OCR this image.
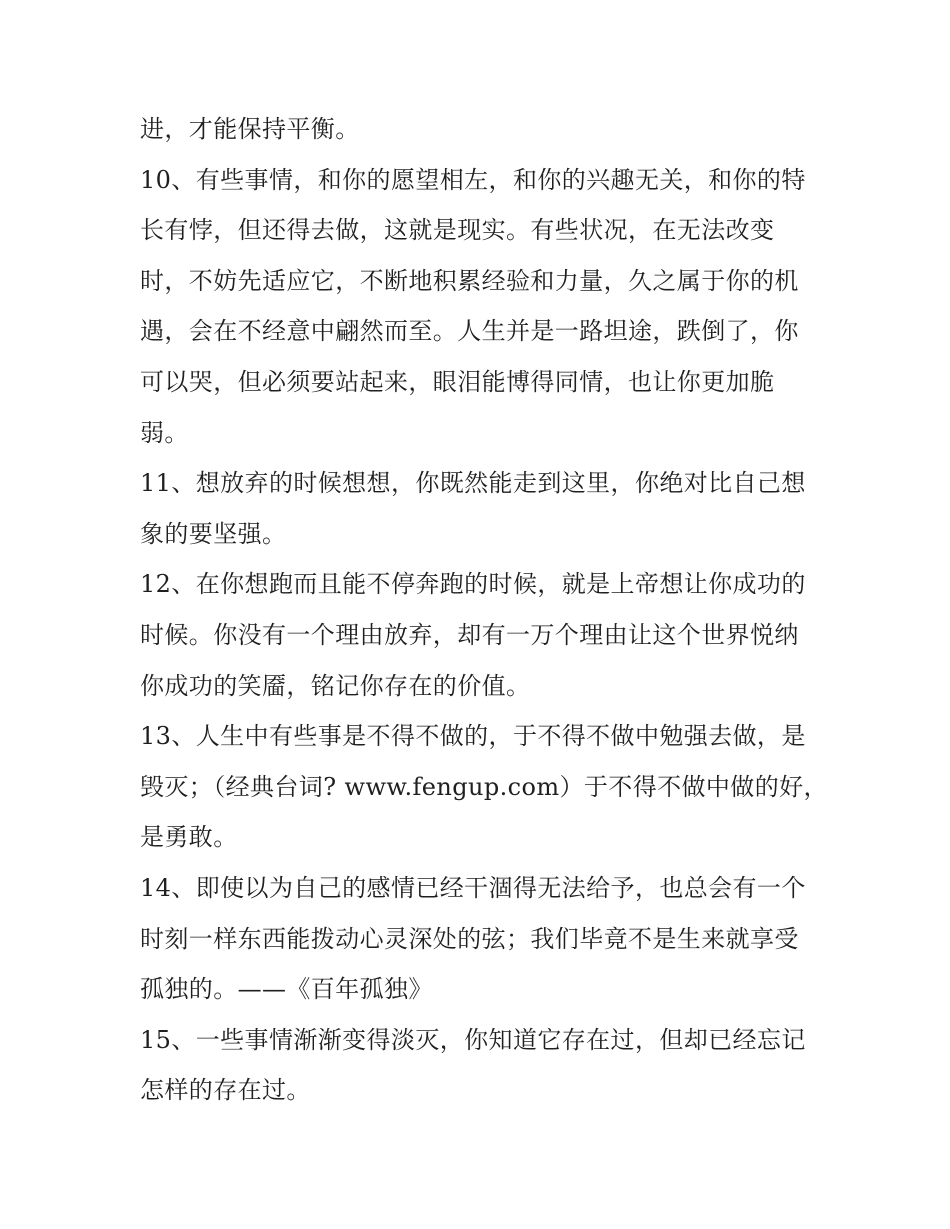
进，才能保持平衡。
10、有些事情，和你的愿望相左，和你的兴趣无关，和你的特
长有悖，但还得去做，这就是现实。有些状况，在无法改变
时，不妨先适应它，不断地积累经验和力量，久之属于你的机
遇，会在不经意中翩然而至。人生并是一路坦途，跌倒了，你
可以哭，但必须要站起来，眼泪能博得同情，也让你更加脆
弱。
11、想放弃的时候想想，你既然能走到这里，你绝对比自己想
象的要坚强。
12、在你想跑而且能不停奔跑的时候，就是上帝想让你成功的
时候。你没有一个理由放弃，却有一万个理由让这个世界悦纳
你成功的笑靥，铭记你存在的价值。
13、人生中有些事是不得不做的，于不得不做中勉强去做，是
毁灭；（经典台词? www.fengup.com）于不得不做中做的好，
是勇敢。
14、即使以为自己的感情已经干涸得无法给予，也总会有一个
时刻一样东西能拨动心灵深处的弦；我们毕竟不是生来就享受
孤独的。——《百年孤独》
15、一些事情渐渐变得淡灭，你知道它存在过，但却已经忘记
怎样的存在过。
